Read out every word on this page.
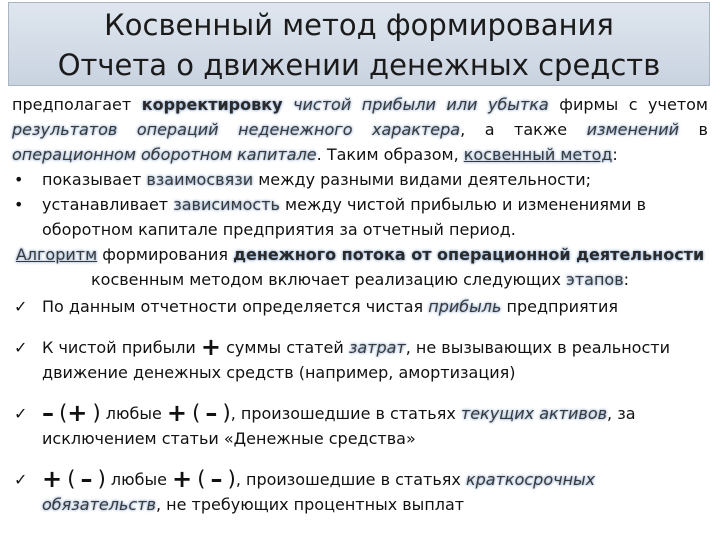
Косвенный метод формирования
Отчета о движении денежных средств
предполагает корректировку чистой прибыли или убытка фирмы с учетом результатов операций неденежного характера, а также изменений в операционном оборотном капитале. Таким образом, косвенный метод:
• показывает взаимосвязи между разными видами деятельности;
• устанавливает зависимость между чистой прибылью и изменениями в оборотном капитале предприятия за отчетный период.
Алгоритм формирования денежного потока от операционной деятельности
косвенным методом включает реализацию следующих этапов:
✓ По данным отчетности определяется чистая прибыль предприятия
✓ К чистой прибыли + суммы статей затрат, не вызывающих в реальности движение денежных средств (например, амортизация)
✓ – (+ ) любые + ( – ), произошедшие в статьях текущих активов, за исключением статьи «Денежные средства»
✓ + ( – ) любые + ( – ), произошедшие в статьях краткосрочных обязательств, не требующих процентных выплат
